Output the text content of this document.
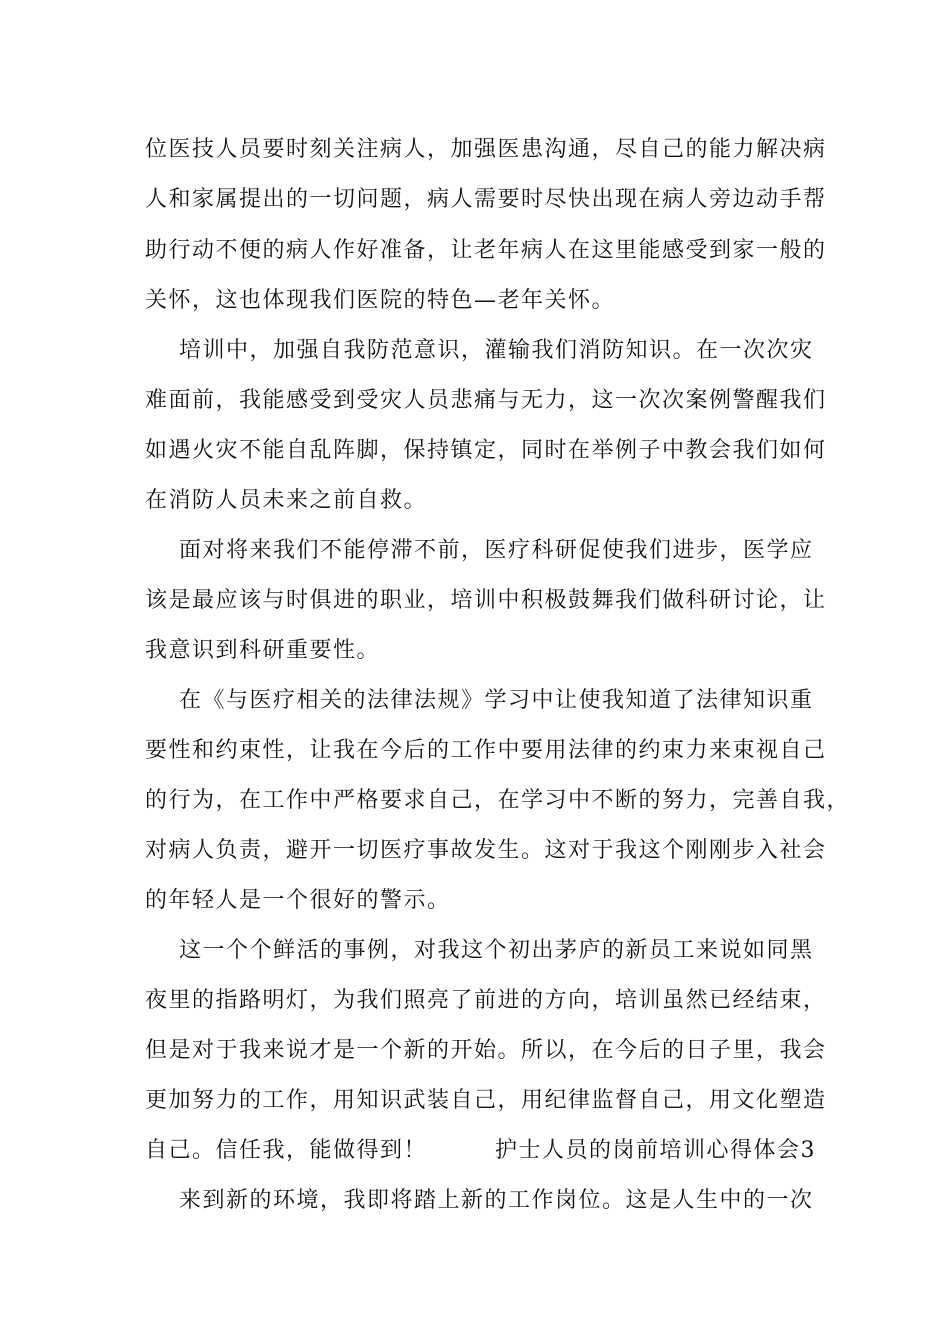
位医技人员要时刻关注病人，加强医患沟通，尽自己的能力解决病
人和家属提出的一切问题，病人需要时尽快出现在病人旁边动手帮
助行动不便的病人作好准备，让老年病人在这里能感受到家一般的
关怀，这也体现我们医院的特色—老年关怀。
培训中，加强自我防范意识，灌输我们消防知识。在一次次灾
难面前，我能感受到受灾人员悲痛与无力，这一次次案例警醒我们
如遇火灾不能自乱阵脚，保持镇定，同时在举例子中教会我们如何
在消防人员未来之前自救。
面对将来我们不能停滞不前，医疗科研促使我们进步，医学应
该是最应该与时俱进的职业，培训中积极鼓舞我们做科研讨论，让
我意识到科研重要性。
在《与医疗相关的法律法规》学习中让使我知道了法律知识重
要性和约束性，让我在今后的工作中要用法律的约束力来束视自己
的行为，在工作中严格要求自己，在学习中不断的努力，完善自我，
对病人负责，避开一切医疗事故发生。这对于我这个刚刚步入社会
的年轻人是一个很好的警示。
这一个个鲜活的事例，对我这个初出茅庐的新员工来说如同黑
夜里的指路明灯，为我们照亮了前进的方向，培训虽然已经结束，
但是对于我来说才是一个新的开始。所以，在今后的日子里，我会
更加努力的工作，用知识武装自己，用纪律监督自己，用文化塑造
自己。信任我，能做得到！        护士人员的岗前培训心得体会3
来到新的环境，我即将踏上新的工作岗位。这是人生中的一次
